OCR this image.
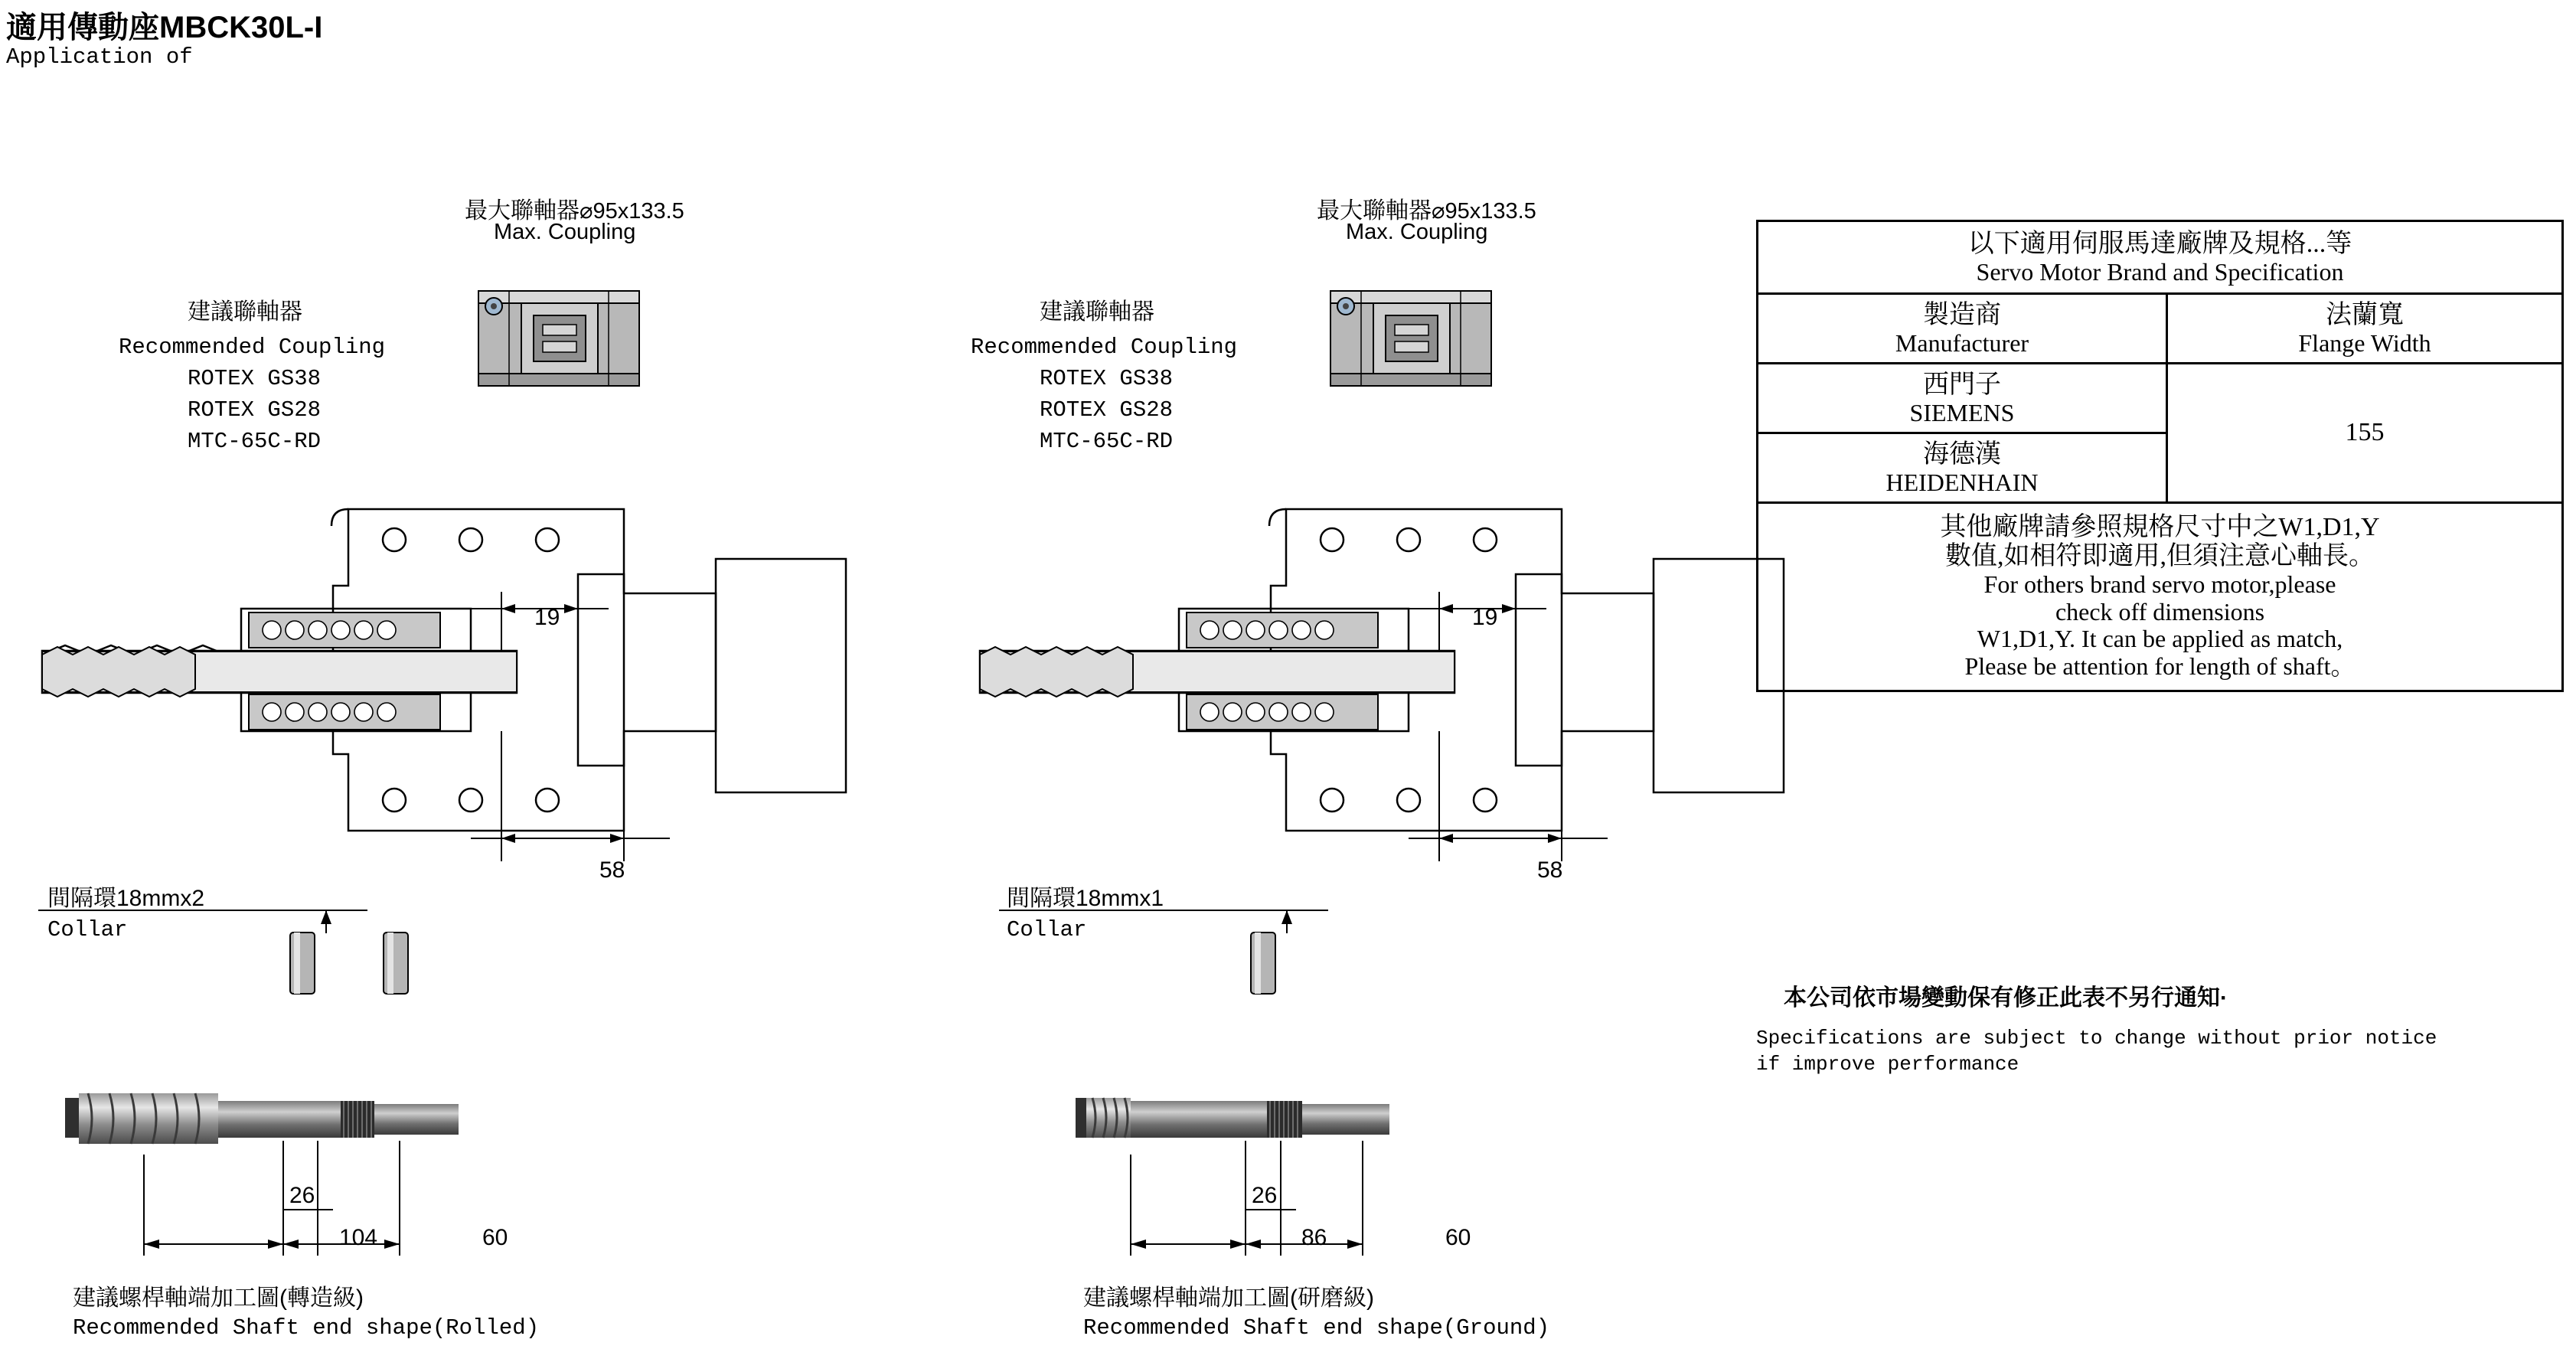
適用傳動座MBCK30L-I
Application of
最大聯軸器⌀95x133.5
Max. Coupling
建議聯軸器
Recommended Coupling
ROTEX GS38
ROTEX GS28
MTC-65C-RD
19
58
間隔環18mmx2
Collar
最大聯軸器⌀95x133.5
Max. Coupling
建議聯軸器
Recommended Coupling
ROTEX GS38
ROTEX GS28
MTC-65C-RD
19
58
間隔環18mmx1
Collar
26
104	60
建議螺桿軸端加工圖(轉造級)
Recommended Shaft end shape(Rolled)
26
86	60
建議螺桿軸端加工圖(研磨級)
Recommended Shaft end shape(Ground)
以下適用伺服馬達廠牌及規格...等
Servo Motor Brand and Specification
製造商
Manufacturer
法蘭寬
Flange Width
西門子
SIEMENS
海德漢
HEIDENHAIN
155
其他廠牌請參照規格尺寸中之W1,D1,Y
數值,如相符即適用,但須注意心軸長。
For others brand servo motor,please
check off dimensions
W1,D1,Y. It can be applied as match,
Please be attention for length of shaft。
本公司依市場變動保有修正此表不另行通知·
Specifications are subject to change without prior notice
if improve performance
